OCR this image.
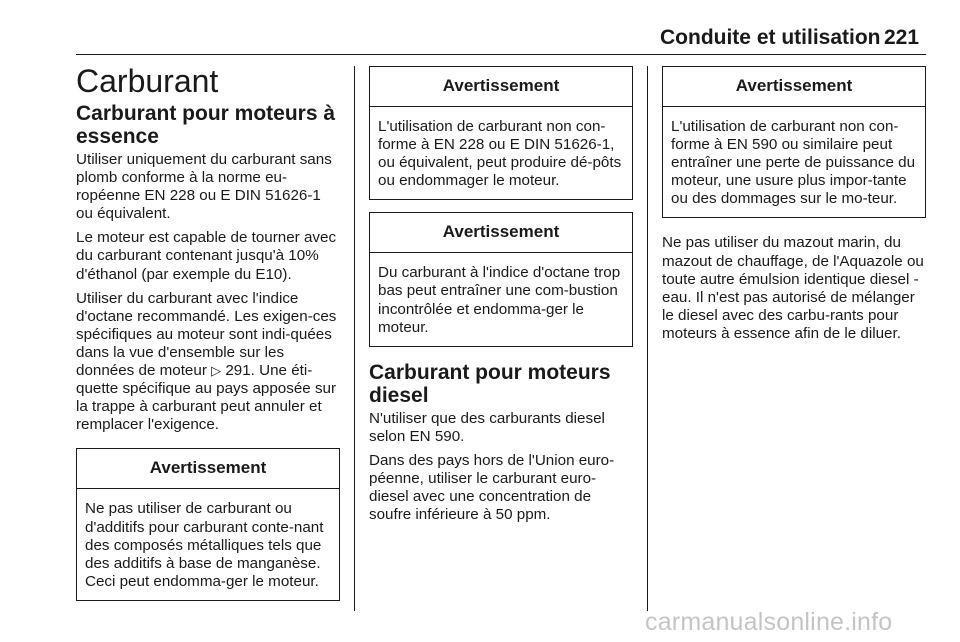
Conduite et utilisation 221
Carburant
Carburant pour moteurs à essence

Utiliser uniquement du carburant sans plomb conforme à la norme eu-ropéenne EN 228 ou E DIN 51626-1 ou équivalent.

Le moteur est capable de tourner avec du carburant contenant jusqu'à 10% d'éthanol (par exemple du E10).

Utiliser du carburant avec l'indice d'octane recommandé. Les exigen-ces spécifiques au moteur sont indi-quées dans la vue d'ensemble sur les données de moteur ▷ 291. Une éti-quette spécifique au pays apposée sur la trappe à carburant peut annuler et remplacer l'exigence.

Avertissement
Ne pas utiliser de carburant ou d'additifs pour carburant conte-nant des composés métalliques tels que des additifs à base de manganèse. Ceci peut endomma-ger le moteur.
Avertissement
L'utilisation de carburant non con-forme à EN 228 ou E DIN 51626-1, ou équivalent, peut produire dé-pôts ou endommager le moteur.
Avertissement
Du carburant à l'indice d'octane trop bas peut entraîner une com-bustion incontrôlée et endomma-ger le moteur.
Carburant pour moteurs diesel

N'utiliser que des carburants diesel selon EN 590.

Dans des pays hors de l'Union euro-péenne, utiliser le carburant euro-diesel avec une concentration de soufre inférieure à 50 ppm.

Avertissement
L'utilisation de carburant non con-forme à EN 590 ou similaire peut entraîner une perte de puissance du moteur, une usure plus impor-tante ou des dommages sur le mo-teur.

Ne pas utiliser du mazout marin, du mazout de chauffage, de l'Aquazole ou toute autre émulsion identique diesel -eau. Il n'est pas autorisé de mélanger le diesel avec des carbu-rants pour moteurs à essence afin de le diluer.

carmanualsonline.info
